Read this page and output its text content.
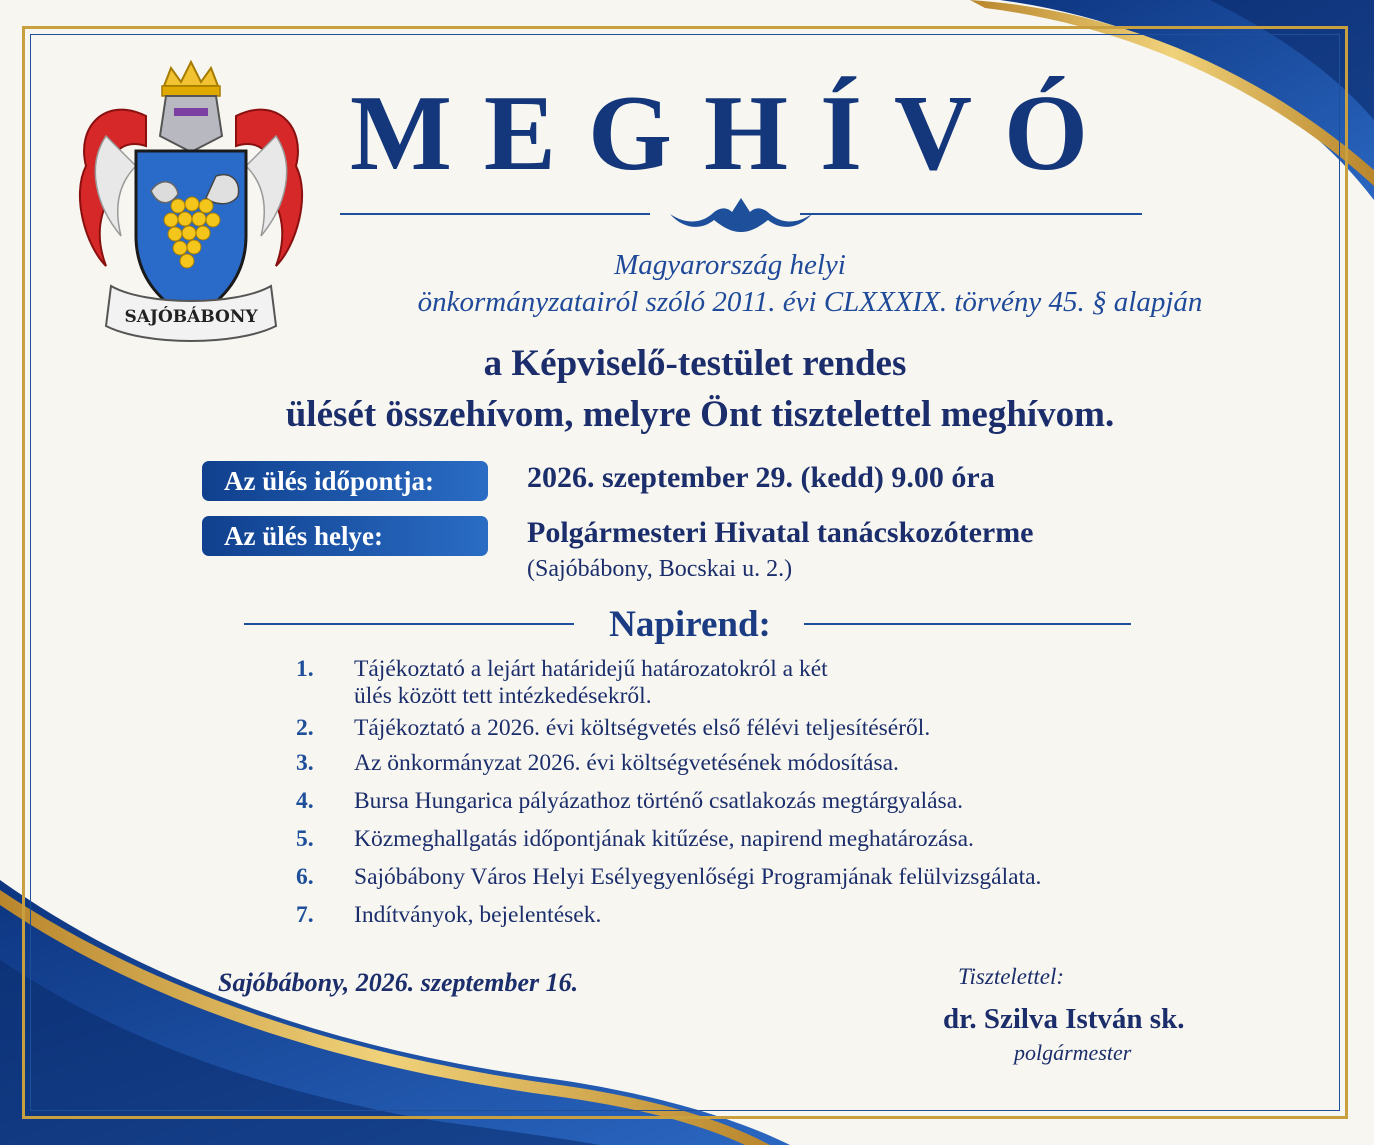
SAJÓBÁBONY
MEGHÍVÓ
Magyarország helyi
önkormányzatairól szóló 2011. évi CLXXXIX. törvény 45. § alapján
a Képviselő-testület rendes
ülését összehívom, melyre Önt tisztelettel meghívom.
Az ülés időpontja:	2026. szeptember 29. (kedd) 9.00 óra
Az ülés helye:	Polgármesteri Hivatal tanácskozóterme
(Sajóbábony, Bocskai u. 2.)
Napirend:
1. Tájékoztató a lejárt határidejű határozatokról a két
ülés között tett intézkedésekről.
2. Tájékoztató a 2026. évi költségvetés első félévi teljesítéséről.
3. Az önkormányzat 2026. évi költségvetésének módosítása.
4. Bursa Hungarica pályázathoz történő csatlakozás megtárgyalása.
5. Közmeghallgatás időpontjának kitűzése, napirend meghatározása.
6. Sajóbábony Város Helyi Esélyegyenlőségi Programjának felülvizsgálata.
7. Indítványok, bejelentések.
Sajóbábony, 2026. szeptember 16.	Tisztelettel:
dr. Szilva István sk.
polgármester
